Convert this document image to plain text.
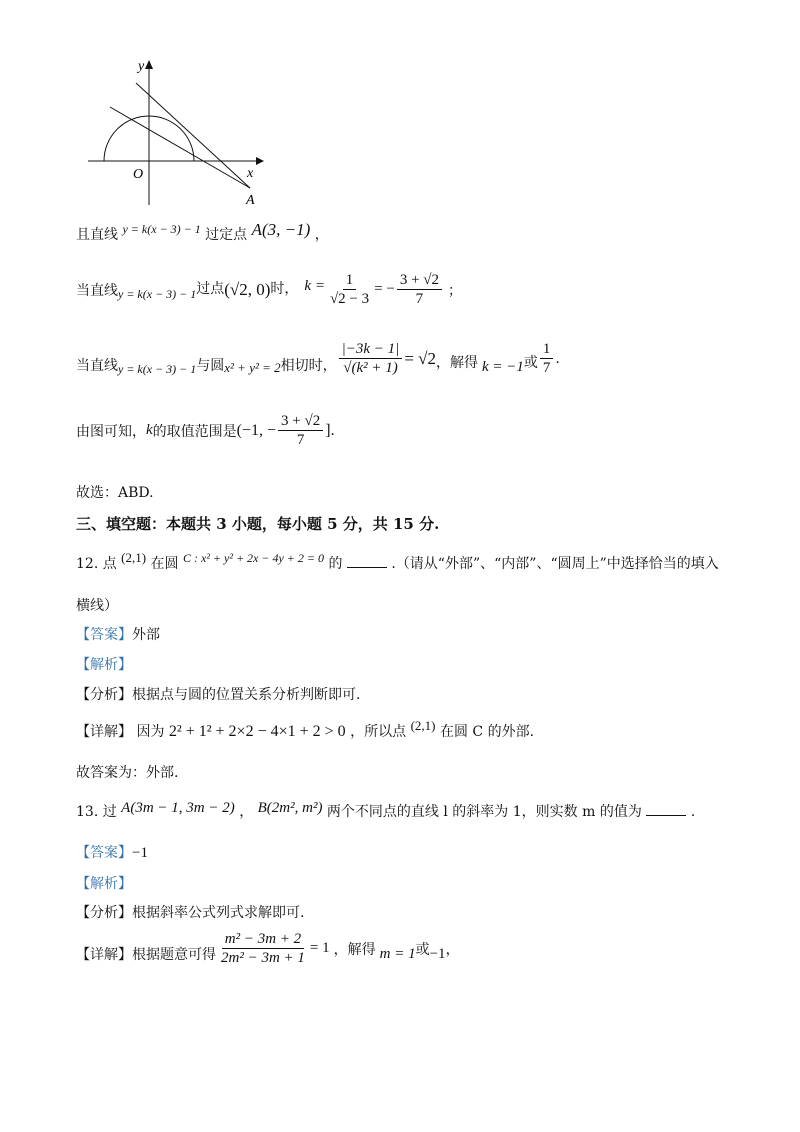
y
x
O
A
且直线 y = k(x − 3) − 1 过定点 A(3, −1) ，
当直线 y = k(x − 3) − 1 过点 (√2, 0) 时， $k = \frac{1}{√2 - 3}$ = − $\frac{3 + √2}{7}$ ；
当直线 y = k(x − 3) − 1 与圆 x² + y² = 2 相切时， $\frac{|-3k - 1|}{\text{√(k² + 1)}} = √2$ ，解得 k = −1 或 $\frac{1}{7}$ .
由图可知， k 的取值范围是 (−1, − $\frac{3 + √2}{7}$ ].
故选：ABD.
三、填空题：本题共 3 小题，每小题 5 分，共 15 分.
12. 点 (2,1) 在圆 C : x² + y² + 2x − 4y + 2 = 0 的	.（请从“外部”、“内部”、“圆周上”中选择恰当的填入
横线）
【答案】外部
【解析】
【分析】根据点与圆的位置关系分析判断即可.
【详解】 因为 2² + 1² + 2×2 − 4×1 + 2 > 0 ，所以点 (2,1) 在圆 C 的外部.
故答案为：外部.
13. 过 A(3m − 1, 3m − 2) ， B(2m², m²) 两个不同点的直线 l 的斜率为 1，则实数 m 的值为	.
【答案】−1
【解析】
【分析】根据斜率公式列式求解即可.
【详解】 根据题意可得 $\frac{\text{m² − 3m + 2}}{\text{2m² − 3m + 1}} = 1$ ，解得 m = 1 或 −1 ，
